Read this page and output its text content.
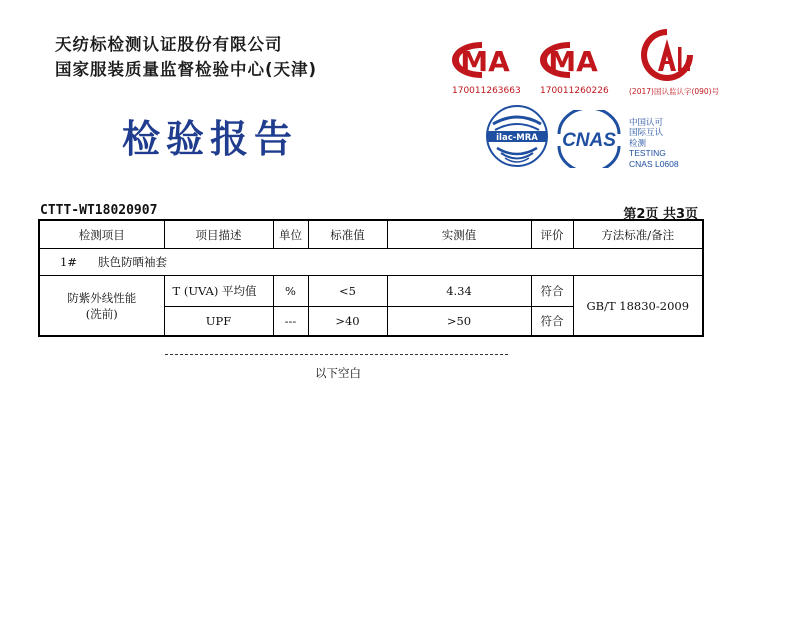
天纺标检测认证股份有限公司
国家服装质量监督检验中心(天津)
检验报告
MA
170011263663
MA
170011260226	(2017)国认监认字(090)号
ilac-MRA CNAS
中国认可
国际互认
检测
TESTING
CNAS L0608
CTTT-WT18020907	第2页 共3页
检测项目	项目描述	单位	标准值	实测值	评价	方法标准/备注
1# 肤色防晒袖套						

防紫外线性能
(洗前)	T (UVA) 平均值	%	<5	4.34	符合	GB/T 18830-2009
	UPF	---	>40	>50	符合	
以下空白
